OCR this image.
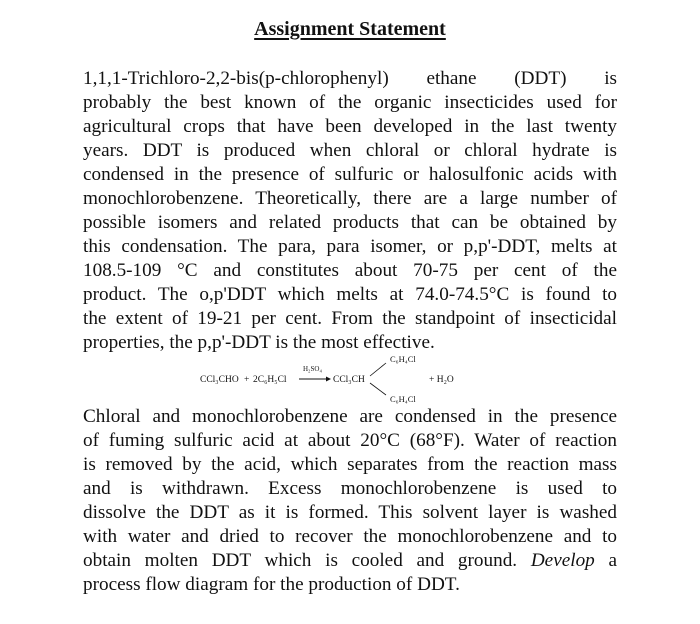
Assignment Statement
1,1,1-Trichloro-2,2-bis(p-chlorophenyl) ethane (DDT) is
probably the best known of the organic insecticides used for
agricultural crops that have been developed in the last twenty
years. DDT is produced when chloral or chloral hydrate is
condensed in the presence of sulfuric or halosulfonic acids with
monochlorobenzene. Theoretically, there are a large number of
possible isomers and related products that can be obtained by
this condensation. The para, para isomer, or p,p'-DDT, melts at
108.5-109 °C and constitutes about 70-75 per cent of the
product. The o,p'DDT which melts at 74.0-74.5°C is found to
the extent of 19-21 per cent. From the standpoint of insecticidal
properties, the p,p'-DDT is the most effective.
CCl₃CHO + 2C₆H₅Cl
H₂SO₄
CCl₃CH
C₆H₄Cl
C₆H₄Cl
+ H₂O
Chloral and monochlorobenzene are condensed in the presence
of fuming sulfuric acid at about 20°C (68°F). Water of reaction
is removed by the acid, which separates from the reaction mass
and is withdrawn. Excess monochlorobenzene is used to
dissolve the DDT as it is formed. This solvent layer is washed
with water and dried to recover the monochlorobenzene and to
obtain molten DDT which is cooled and ground. Develop a
process flow diagram for the production of DDT.
